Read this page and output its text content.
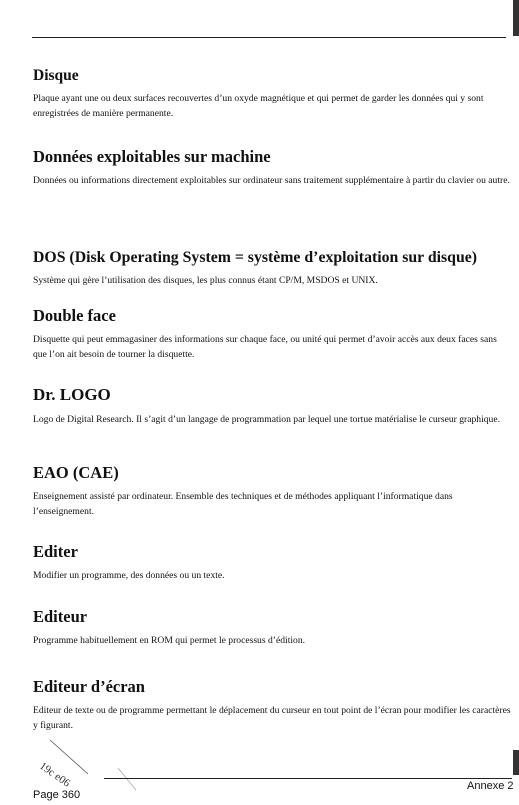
Disque

Plaque ayant une ou deux surfaces recouvertes d’un oxyde magnétique et qui permet de garder les données qui y sont enregistrées de manière permanente.

Données exploitables sur machine

Données ou informations directement exploitables sur ordinateur sans traitement supplémentaire à partir du clavier ou autre.

DOS (Disk Operating System = système d’exploitation sur disque)

Système qui gère l’utilisation des disques, les plus connus étant CP/M, MSDOS et UNIX.

Double face

Disquette qui peut emmagasiner des informations sur chaque face, ou unité qui permet d’avoir accès aux deux faces sans que l’on ait besoin de tourner la disquette.

Dr. LOGO

Logo de Digital Research. Il s’agit d’un langage de programmation par lequel une tortue matérialise le curseur graphique.

EAO (CAE)

Enseignement assisté par ordinateur. Ensemble des techniques et de méthodes appliquant l’informatique dans l’enseignement.

Editer

Modifier un programme, des données ou un texte.

Editeur

Programme habituellement en ROM qui permet le processus d’édition.

Editeur d’écran

Editeur de texte ou de programme permettant le déplacement du curseur en tout point de l’écran pour modifier les caractères y figurant.

19c e06
Page 360
Annexe 2
